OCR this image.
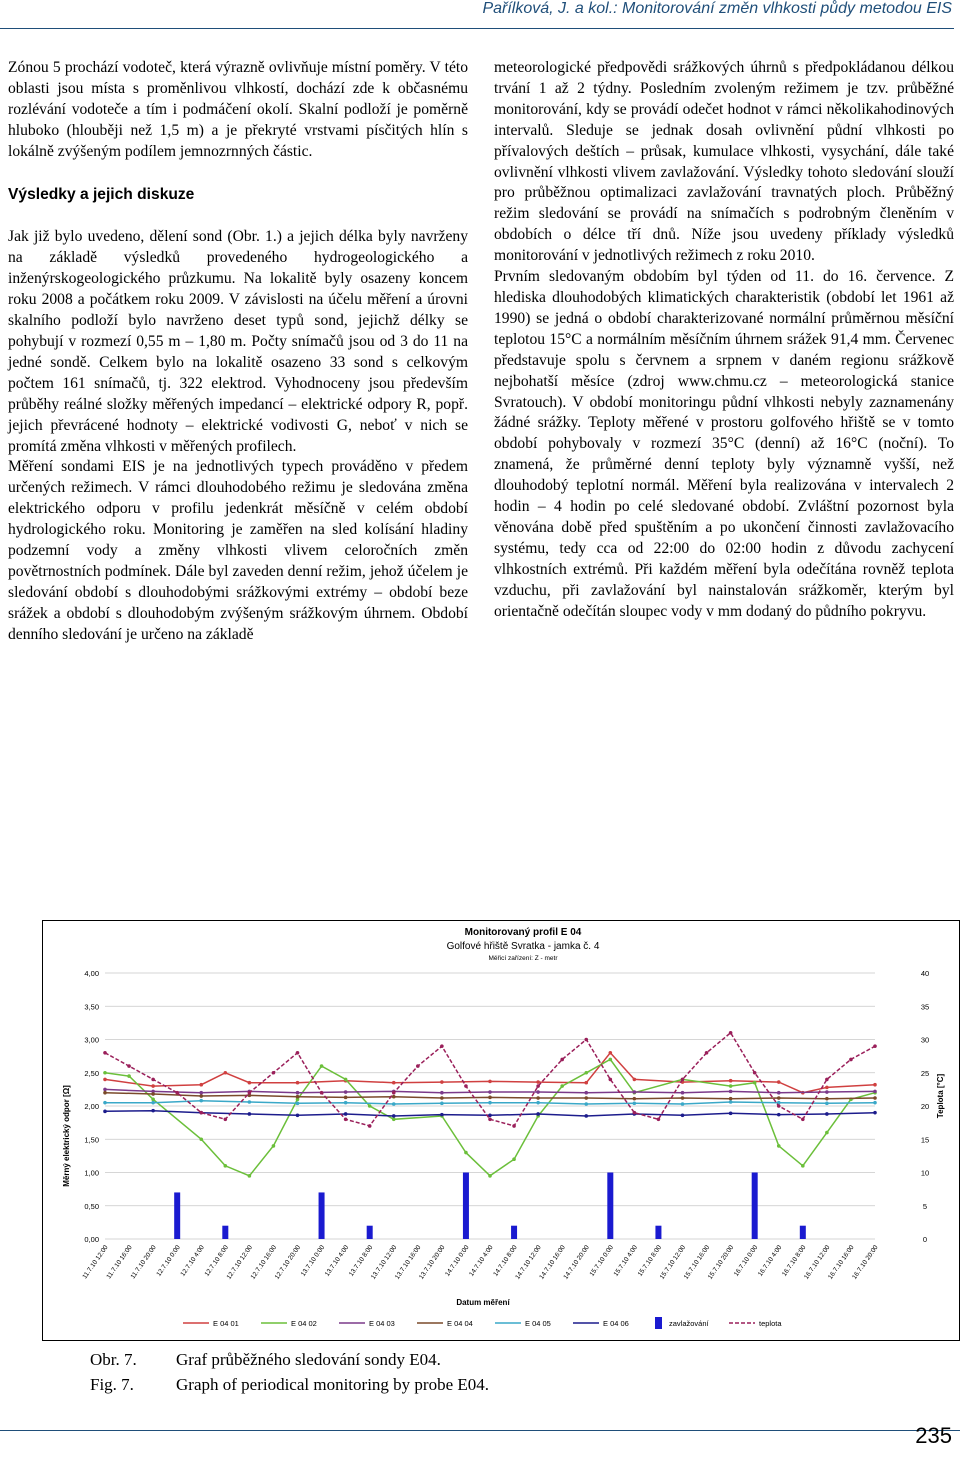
Pařílková, J. a kol.: Monitorování změn vlhkosti půdy metodou EIS

Zónou 5 prochází vodoteč, která výrazně ovlivňuje místní poměry. V této oblasti jsou místa s proměnlivou vlhkostí, dochází zde k občasnému rozlévání vodoteče a tím i podmáčení okolí. Skalní podloží je poměrně hluboko (hlouběji než 1,5 m) a je překryté vrstvami písčitých hlín s lokálně zvýšeným podílem jemnozrnných částic.

Výsledky a jejich diskuze

Jak již bylo uvedeno, dělení sond (Obr. 1.) a jejich délka byly navrženy na základě výsledků provedeného hydrogeologického a inženýrskogeologického průzkumu. Na lokalitě byly osazeny koncem roku 2008 a počátkem roku 2009. V závislosti na účelu měření a úrovni skalního podloží bylo navrženo deset typů sond, jejichž délky se pohybují v rozmezí 0,55 m – 1,80 m. Počty snímačů jsou od 3 do 11 na jedné sondě. Celkem bylo na lokalitě osazeno 33 sond s celkovým počtem 161 snímačů, tj. 322 elektrod. Vyhodnoceny jsou především průběhy reálné složky měřených impedancí – elektrické odpory R, popř. jejich převrácené hodnoty – elektrické vodivosti G, neboť v nich se promítá změna vlhkosti v měřených profilech.

Měření sondami EIS je na jednotlivých typech prováděno v předem určených režimech. V rámci dlouhodobého režimu je sledována změna elektrického odporu v profilu jedenkrát měsíčně v celém období hydrologického roku. Monitoring je zaměřen na sled kolísání hladiny podzemní vody a změny vlhkosti vlivem celoročních změn povětrnostních podmínek. Dále byl zaveden denní režim, jehož účelem je sledování období s dlouhodobými srážkovými extrémy – období beze srážek a období s dlouhodobým zvýšeným srážkovým úhrnem. Období denního sledování je určeno na základě

meteorologické předpovědi srážkových úhrnů s předpokládanou délkou trvání 1 až 2 týdny. Posledním zvoleným režimem je tzv. průběžné monitorování, kdy se provádí odečet hodnot v rámci několikahodinových intervalů. Sleduje se jednak dosah ovlivnění půdní vlhkosti po přívalových deštích – průsak, kumulace vlhkosti, vysychání, dále také ovlivnění vlhkosti vlivem zavlažování. Výsledky tohoto sledování slouží pro průběžnou optimalizaci zavlažování travnatých ploch. Průběžný režim sledování se provádí na snímačích s podrobným členěním v obdobích o délce tří dnů. Níže jsou uvedeny příklady výsledků monitorování v jednotlivých režimech z roku 2010.

Prvním sledovaným obdobím byl týden od 11. do 16. července. Z hlediska dlouhodobých klimatických charakteristik (období let 1961 až 1990) se jedná o období charakterizované normální průměrnou měsíční teplotou 15°C a normálním měsíčním úhrnem srážek 91,4 mm. Červenec představuje spolu s červnem a srpnem v daném regionu srážkově nejbohatší měsíce (zdroj www.chmu.cz – meteorologická stanice Svratouch). V období monitoringu půdní vlhkosti nebyly zaznamenány žádné srážky. Teploty měřené v prostoru golfového hřiště se v tomto období pohybovaly v rozmezí 35°C (denní) až 16°C (noční). To znamená, že průměrné denní teploty byly významně vyšší, než dlouhodobý teplotní normál. Měření byla realizována v intervalech 2 hodin – 4 hodin po celé sledované období. Zvláštní pozornost byla věnována době před spuštěním a po ukončení činnosti zavlažovacího systému, tedy cca od 22:00 do 02:00 hodin z důvodu zachycení vlhkostních extrémů. Při každém měření byla odečítána rovněž teplota vzduchu, při zavlažování byl nainstalován srážkoměr, kterým byl orientačně odečítán sloupec vody v mm dodaný do půdního pokryvu.

Monitorovaný profil E 04
Golfové hřiště Svratka - jamka č. 4
Měřicí zařízení: Z - metr
Měrný elektrický odpor [Ω]	Teplota [°C]
Datum měření
0,00
0,50
1,00
1,50
2,00
2,50
3,00
3,50
4,00
0
5
10
15
20
25
30
35
40
11.7.10 12:00
11.7.10 16:00
11.7.10 20:00
12.7.10 0:00
12.7.10 4:00
12.7.10 8:00
12.7.10 12:00
12.7.10 16:00
12.7.10 20:00
13.7.10 0:00
13.7.10 4:00
13.7.10 8:00
13.7.10 12:00
13.7.10 16:00
13.7.10 20:00
14.7.10 0:00
14.7.10 4:00
14.7.10 8:00
14.7.10 12:00
14.7.10 16:00
14.7.10 20:00
15.7.10 0:00
15.7.10 4:00
15.7.10 8:00
15.7.10 12:00
15.7.10 16:00
15.7.10 20:00
16.7.10 0:00
16.7.10 4:00
16.7.10 8:00
16.7.10 12:00
16.7.10 16:00
16.7.10 20:00
E 04 01	E 04 02	E 04 03	E 04 04	E 04 05	E 04 06	zavlažování	teplota
Obr. 7. Graf průběžného sledování sondy E04.
Fig. 7. Graph of periodical monitoring by probe E04.
235
